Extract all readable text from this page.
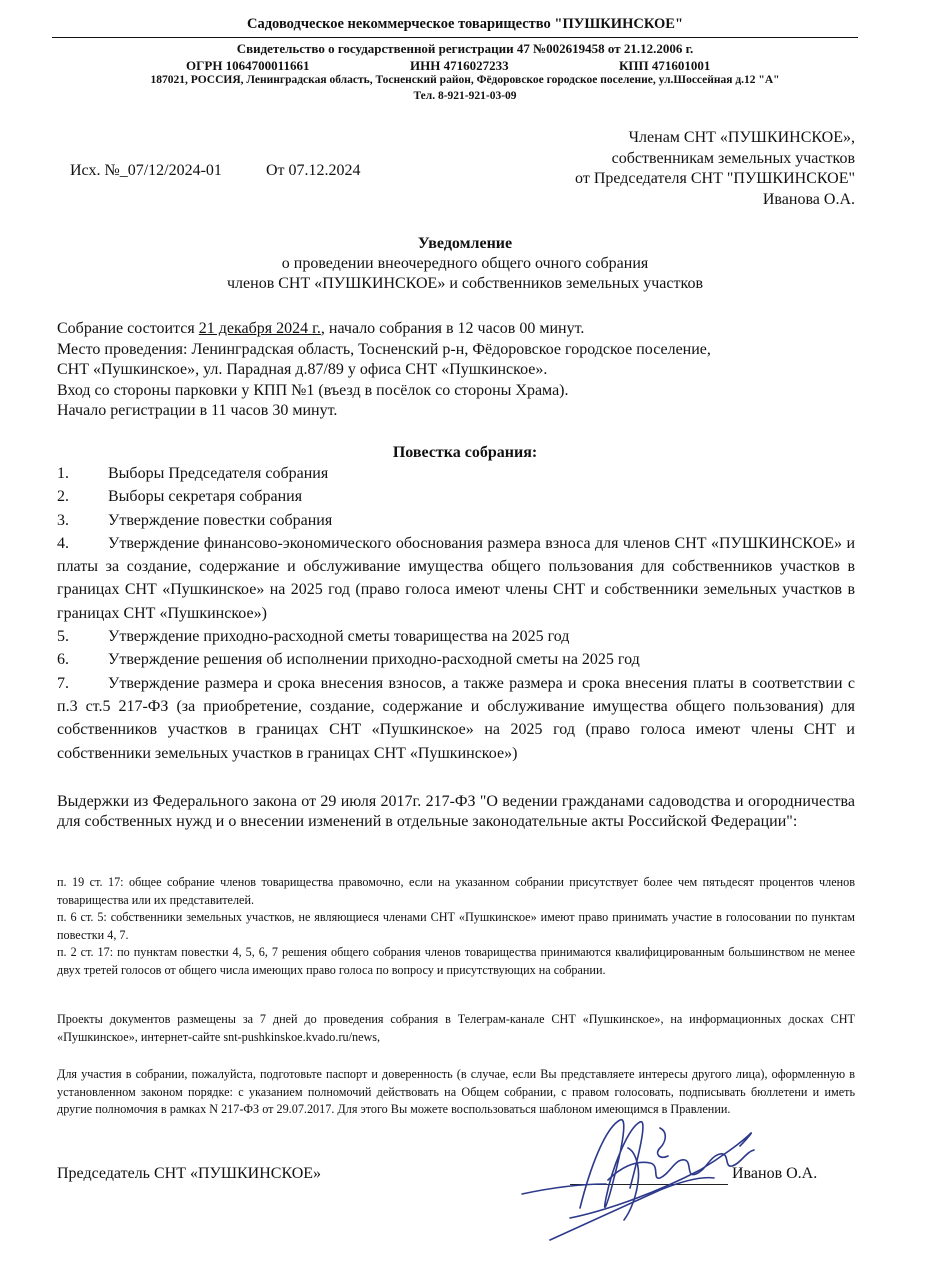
Садоводческое некоммерческое товарищество "ПУШКИНСКОЕ"
Свидетельство о государственной регистрации 47 №002619458 от 21.12.2006 г.
ОГРН 1064700011661	ИНН 4716027233	КПП 471601001
187021, РОССИЯ, Ленинградская область, Тосненский район, Фёдоровское городское поселение, ул.Шоссейная д.12 "А"
Тел. 8-921-921-03-09
Исх. №_07/12/2024-01	От 07.12.2024
Членам СНТ «ПУШКИНСКОЕ»,
собственникам земельных участков
от Председателя СНТ "ПУШКИНСКОЕ"
Иванова О.А.
Уведомление
о проведении внеочередного общего очного собрания
членов СНТ «ПУШКИНСКОЕ» и собственников земельных участков
Собрание состоится 21 декабря 2024 г., начало собрания в 12 часов 00 минут.
Место проведения: Ленинградская область, Тосненский р-н, Фёдоровское городское поселение,
СНТ «Пушкинское», ул. Парадная д.87/89 у офиса СНТ «Пушкинское».
Вход со стороны парковки у КПП №1 (въезд в посёлок со стороны Храма).
Начало регистрации в 11 часов 30 минут.
Повестка собрания:
1. Выборы Председателя собрания
2. Выборы секретаря собрания
3. Утверждение повестки собрания
4. Утверждение финансово-экономического обоснования размера взноса для членов СНТ «ПУШКИНСКОЕ» и платы за создание, содержание и обслуживание имущества общего пользования для собственников участков в границах СНТ «Пушкинское» на 2025 год (право голоса имеют члены СНТ и собственники земельных участков в границах СНТ «Пушкинское»)
5. Утверждение приходно-расходной сметы товарищества на 2025 год
6. Утверждение решения об исполнении приходно-расходной сметы на 2025 год
7. Утверждение размера и срока внесения взносов, а также размера и срока внесения платы в соответствии с п.3 ст.5 217-ФЗ (за приобретение, создание, содержание и обслуживание имущества общего пользования) для собственников участков в границах СНТ «Пушкинское» на 2025 год (право голоса имеют члены СНТ и собственники земельных участков в границах СНТ «Пушкинское»)
Выдержки из Федерального закона от 29 июля 2017г. 217-ФЗ "О ведении гражданами садоводства и огородничества для собственных нужд и о внесении изменений в отдельные законодательные акты Российской Федерации":

п. 19 ст. 17: общее собрание членов товарищества правомочно, если на указанном собрании присутствует более чем пятьдесят процентов членов товарищества или их представителей.

п. 6 ст. 5: собственники земельных участков, не являющиеся членами СНТ «Пушкинское» имеют право принимать участие в голосовании по пунктам повестки 4, 7.

п. 2 ст. 17: по пунктам повестки 4, 5, 6, 7 решения общего собрания членов товарищества принимаются квалифицированным большинством не менее двух третей голосов от общего числа имеющих право голоса по вопросу и присутствующих на собрании.

Проекты документов размещены за 7 дней до проведения собрания в Телеграм-канале СНТ «Пушкинское», на информационных досках СНТ «Пушкинское», интернет-сайте snt-pushkinskoe.kvado.ru/news,
Для участия в собрании, пожалуйста, подготовьте паспорт и доверенность (в случае, если Вы представляете интересы другого лица), оформленную в установленном законом порядке: с указанием полномочий действовать на Общем собрании, с правом голосовать, подписывать бюллетени и иметь другие полномочия в рамках N 217-ФЗ от 29.07.2017. Для этого Вы можете воспользоваться шаблоном имеющимся в Правлении.
Председатель СНТ «ПУШКИНСКОЕ»	Иванов О.А.
